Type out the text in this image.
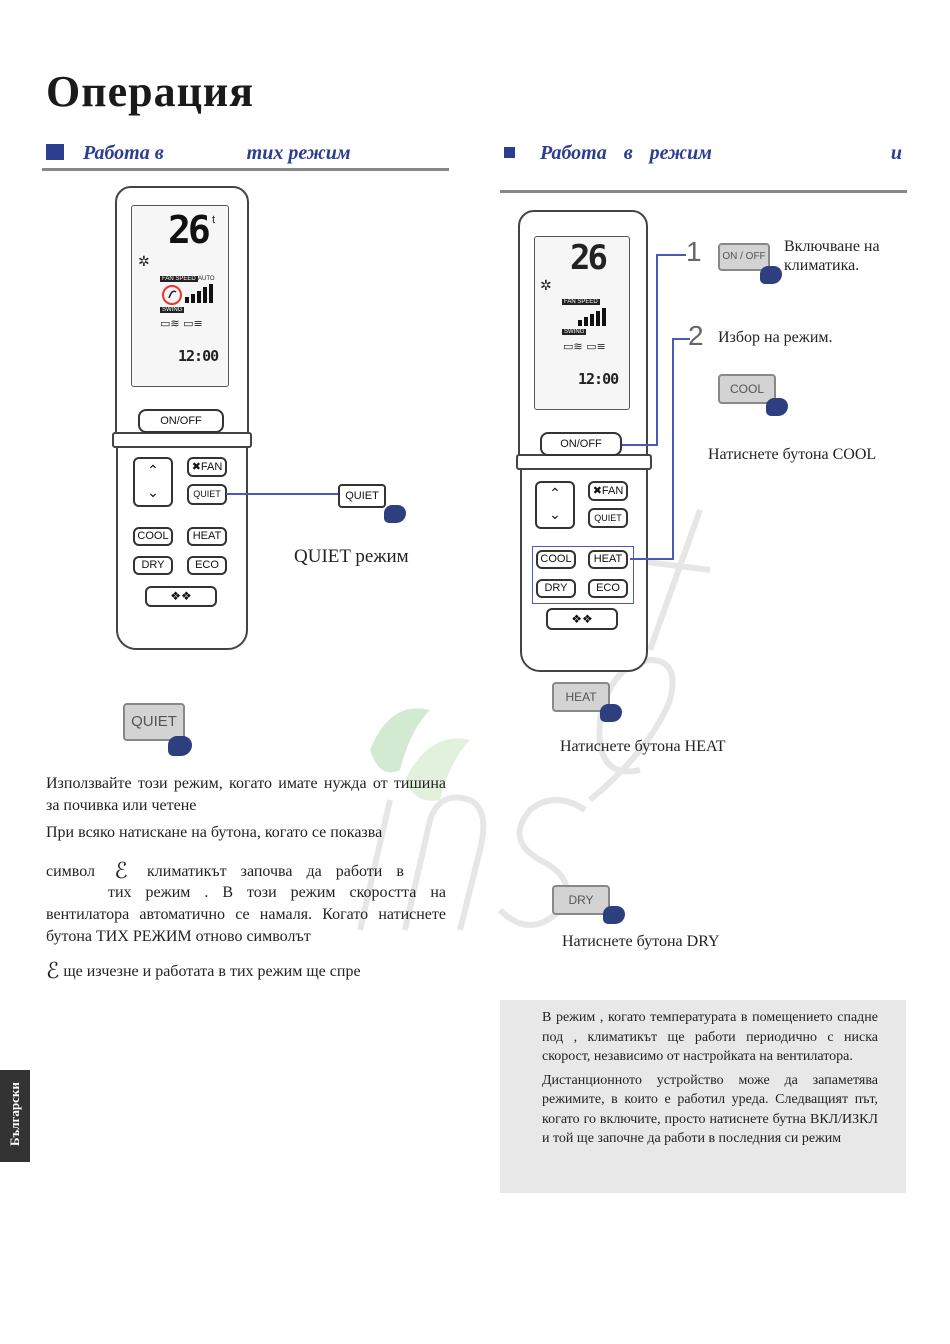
Операция
Работа в	тих режим	Работа в режим	и
26 t
✲
FAN SPEED AUTO
SWING
▭≋ ▭≡
12:00
ON/OFF
⌃
⌄
✖FAN
QUIET
COOL	HEAT
DRY	ECO
❖❖
QUIET
QUIET режим
QUIET
Използвайте този режим, когато имате нужда от тишина за почивка или четене
При всяко натискане на бутона, когато се показва
символ ℰ климатикът започва да работи в
тих режим . В този режим скоростта на вентилатора автоматично се намаля. Когато натиснете бутона ТИХ РЕЖИМ отново символът
ℰ ще изчезне и работата в тих режим ще спре
26
✲
FAN SPEED
SWING
▭≋ ▭≡
12:00
ON/OFF
⌃
⌄
✖FAN
QUIET
COOL	HEAT
DRY	ECO
❖❖
1	ON / OFF
Включване на
климатика.
2 Избор на режим.
COOL
Натиснете бутона COOL
HEAT
Натиснете бутона HEAT
DRY
Натиснете бутона DRY

В режим , когато температурата в помещението спадне под , климатикът ще работи периодично с ниска скорост, независимо от настройката на вентилатора.

Дистанционното устройство може да запаметява режимите, в които е работил уреда. Следващият път, когато го включите, просто натиснете бутна ВКЛ/ИЗКЛ и той ще започне да работи в последния си режим

Български
